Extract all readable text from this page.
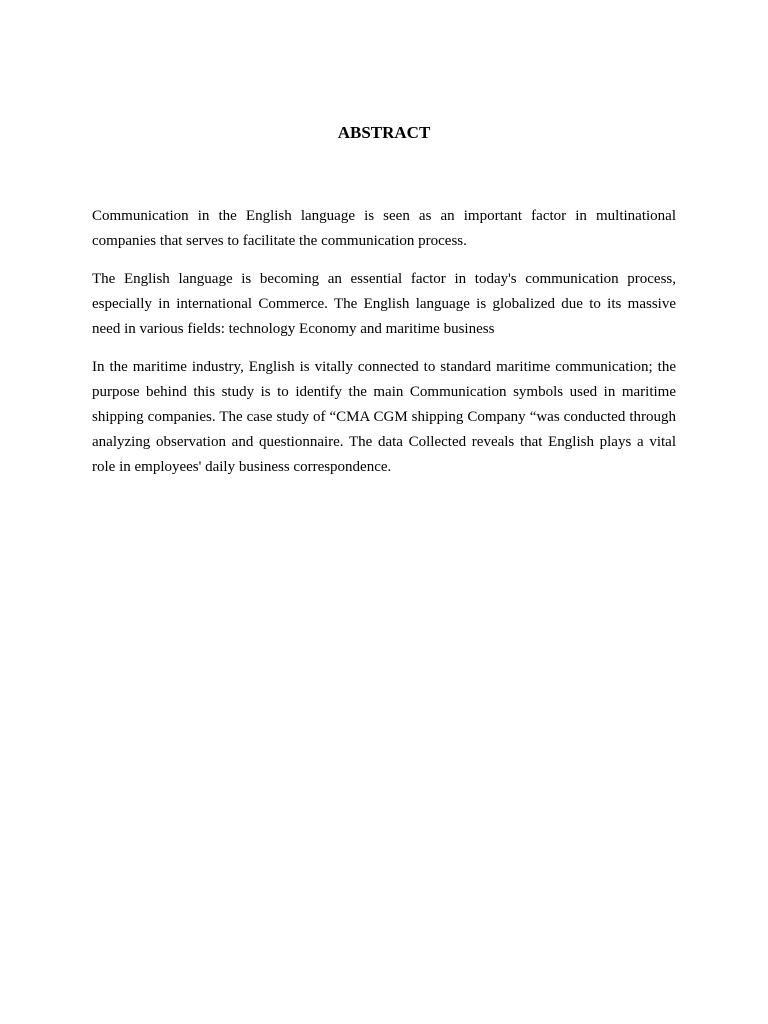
ABSTRACT

Communication in the English language is seen as an important factor in multinational companies that serves to facilitate the communication process.

The English language is becoming an essential factor in today's communication process, especially in international Commerce. The English language is globalized due to its massive need in various fields: technology Economy and maritime business

In the maritime industry, English is vitally connected to standard maritime communication; the purpose behind this study is to identify the main Communication symbols used in maritime shipping companies. The case study of “CMA CGM shipping Company “was conducted through analyzing observation and questionnaire. The data Collected reveals that English plays a vital role in employees' daily business correspondence.
